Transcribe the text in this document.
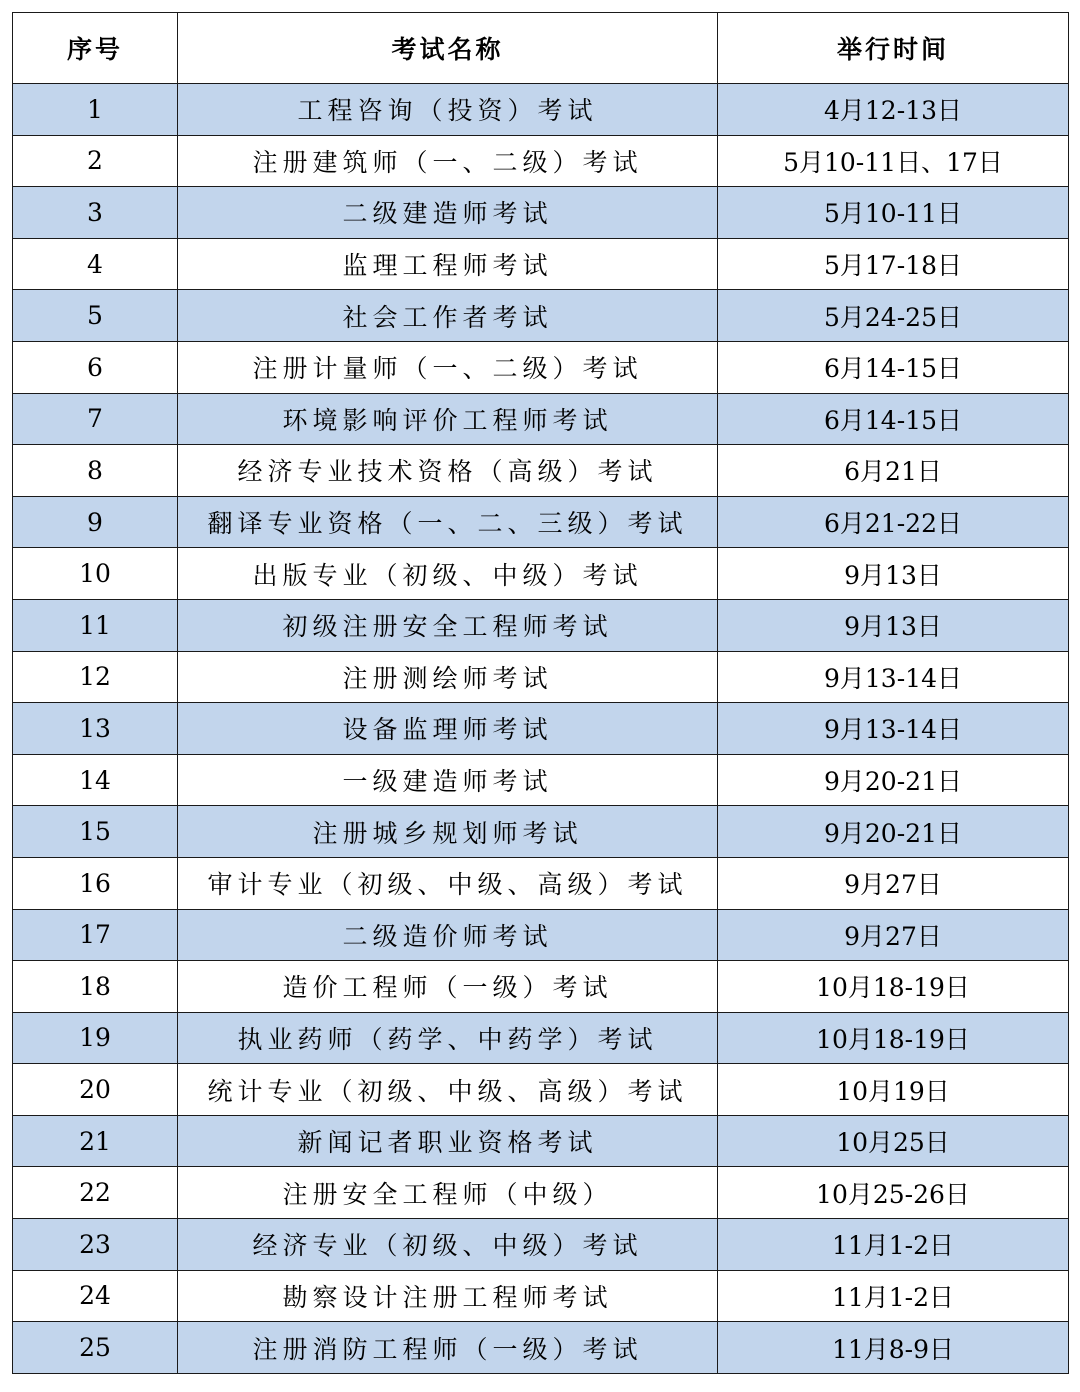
序号	考试名称	举行时间
1	工程咨询（投资）考试	4月12-13日
2	注册建筑师（一、二级）考试	5月10-11日、17日
3	二级建造师考试	5月10-11日
4	监理工程师考试	5月17-18日
5	社会工作者考试	5月24-25日
6	注册计量师（一、二级）考试	6月14-15日
7	环境影响评价工程师考试	6月14-15日
8	经济专业技术资格（高级）考试	6月21日
9	翻译专业资格（一、二、三级）考试	6月21-22日
10	出版专业（初级、中级）考试	9月13日
11	初级注册安全工程师考试	9月13日
12	注册测绘师考试	9月13-14日
13	设备监理师考试	9月13-14日
14	一级建造师考试	9月20-21日
15	注册城乡规划师考试	9月20-21日
16	审计专业（初级、中级、高级）考试	9月27日
17	二级造价师考试	9月27日
18	造价工程师（一级）考试	10月18-19日
19	执业药师（药学、中药学）考试	10月18-19日
20	统计专业（初级、中级、高级）考试	10月19日
21	新闻记者职业资格考试	10月25日
22	注册安全工程师（中级）	10月25-26日
23	经济专业（初级、中级）考试	11月1-2日
24	勘察设计注册工程师考试	11月1-2日
25	注册消防工程师（一级）考试	11月8-9日
